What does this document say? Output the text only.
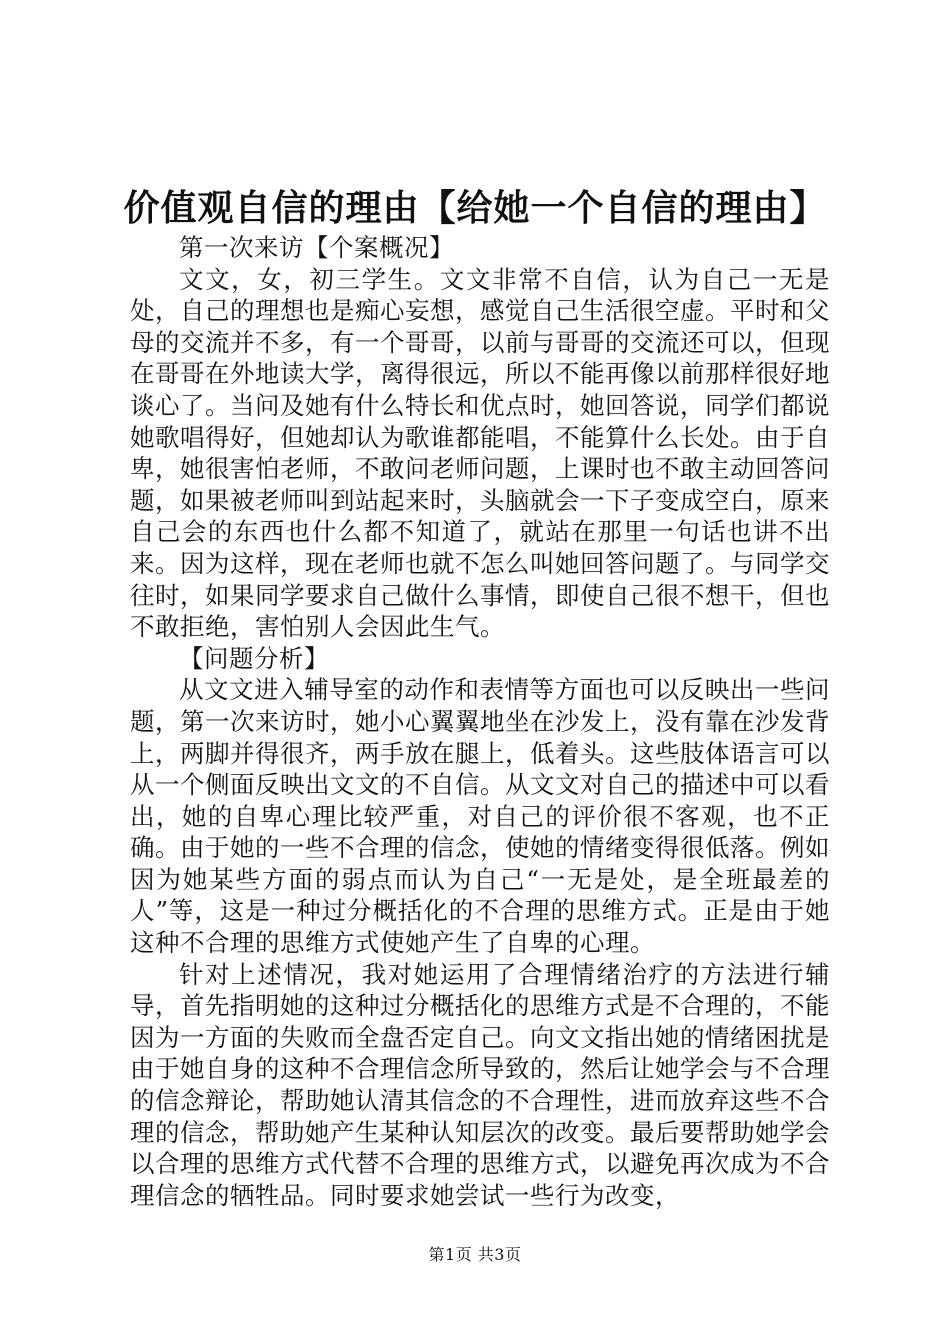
价值观自信的理由【给她一个自信的理由】

第一次来访【个案概况】

文文，女，初三学生。文文非常不自信，认为自己一无是处，自己的理想也是痴心妄想，感觉自己生活很空虚。平时和父母的交流并不多，有一个哥哥，以前与哥哥的交流还可以，但现在哥哥在外地读大学，离得很远，所以不能再像以前那样很好地谈心了。当问及她有什么特长和优点时，她回答说，同学们都说她歌唱得好，但她却认为歌谁都能唱，不能算什么长处。由于自卑，她很害怕老师，不敢问老师问题，上课时也不敢主动回答问题，如果被老师叫到站起来时，头脑就会一下子变成空白，原来自己会的东西也什么都不知道了，就站在那里一句话也讲不出来。因为这样，现在老师也就不怎么叫她回答问题了。与同学交往时，如果同学要求自己做什么事情，即使自己很不想干，但也不敢拒绝，害怕别人会因此生气。

【问题分析】

从文文进入辅导室的动作和表情等方面也可以反映出一些问题，第一次来访时，她小心翼翼地坐在沙发上，没有靠在沙发背上，两脚并得很齐，两手放在腿上，低着头。这些肢体语言可以从一个侧面反映出文文的不自信。从文文对自己的描述中可以看出，她的自卑心理比较严重，对自己的评价很不客观，也不正确。由于她的一些不合理的信念，使她的情绪变得很低落。例如因为她某些方面的弱点而认为自己“一无是处，是全班最差的人”等，这是一种过分概括化的不合理的思维方式。正是由于她这种不合理的思维方式使她产生了自卑的心理。

针对上述情况，我对她运用了合理情绪治疗的方法进行辅导，首先指明她的这种过分概括化的思维方式是不合理的，不能因为一方面的失败而全盘否定自己。向文文指出她的情绪困扰是由于她自身的这种不合理信念所导致的，然后让她学会与不合理的信念辩论，帮助她认清其信念的不合理性，进而放弃这些不合理的信念，帮助她产生某种认知层次的改变。最后要帮助她学会以合理的思维方式代替不合理的思维方式，以避免再次成为不合理信念的牺牲品。同时要求她尝试一些行为改变，

第1页 共3页
